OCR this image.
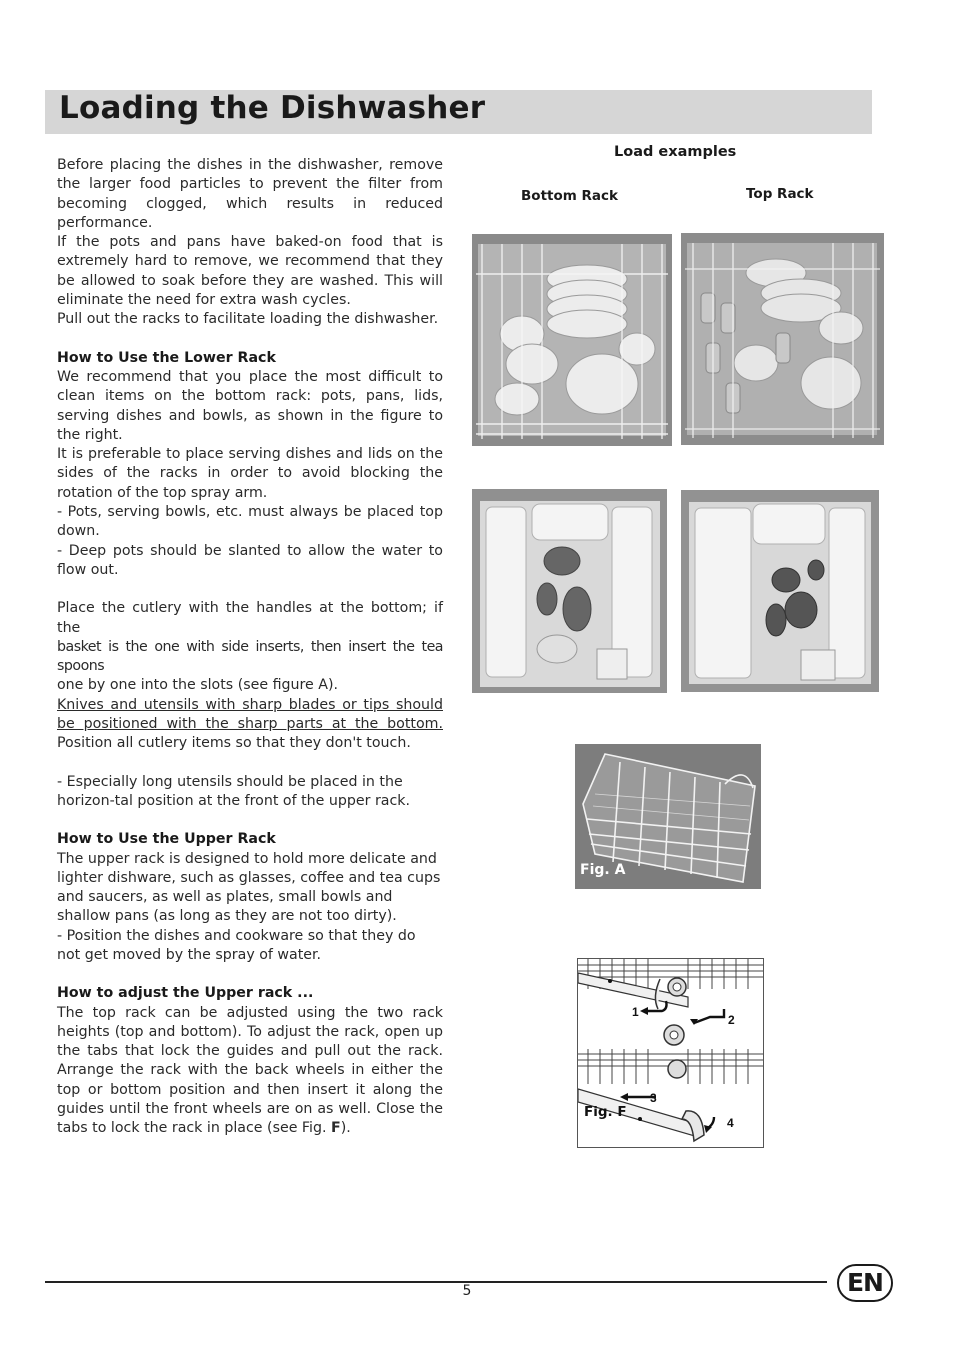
Loading the Dishwasher

Before placing the dishes in the dishwasher, remove the larger food particles to prevent the filter from becoming clogged, which results in reduced performance.

If the pots and pans have baked-on food that is extremely hard to remove, we recommend that they be allowed to soak before they are washed. This will eliminate the need for extra wash cycles.

Pull out the racks to facilitate loading the dishwasher.

How to Use the Lower Rack

We recommend that you place the most difficult to clean items on the bottom rack: pots, pans, lids, serving dishes and bowls, as shown in the figure to the right.

It is preferable to place serving dishes and lids on the sides of the racks in order to avoid blocking the rotation of the top spray arm.

- Pots, serving bowls, etc. must always be placed top down.

- Deep pots should be slanted to allow the water to flow out.

Place the cutlery with the handles at the bottom; if the

basket is the one with side inserts, then insert the tea spoons

one by one into the slots (see figure A).

Knives and utensils with sharp blades or tips should be positioned with the sharp parts at the bottom. Position all cutlery items so that they don't touch.

- Especially long utensils should be placed in the horizon-tal position at the front of the upper rack.

How to Use the Upper Rack

The upper rack is designed to hold more delicate and lighter dishware, such as glasses, coffee and tea cups and saucers, as well as plates, small bowls and shallow pans (as long as they are not too dirty).

- Position the dishes and cookware so that they do not get moved by the spray of water.

How to adjust the Upper rack ...

The top rack can be adjusted using the two rack heights (top and bottom). To adjust the rack, open up the tabs that lock the guides and pull out the rack. Arrange the rack with the back wheels in either the top or bottom position and then insert it along the guides until the front wheels are on as well. Close the tabs to lock the rack in place (see Fig. F).

Load examples
Bottom Rack	Top Rack
Fig. A
1
2
3
4
Fig. F
5	EN
